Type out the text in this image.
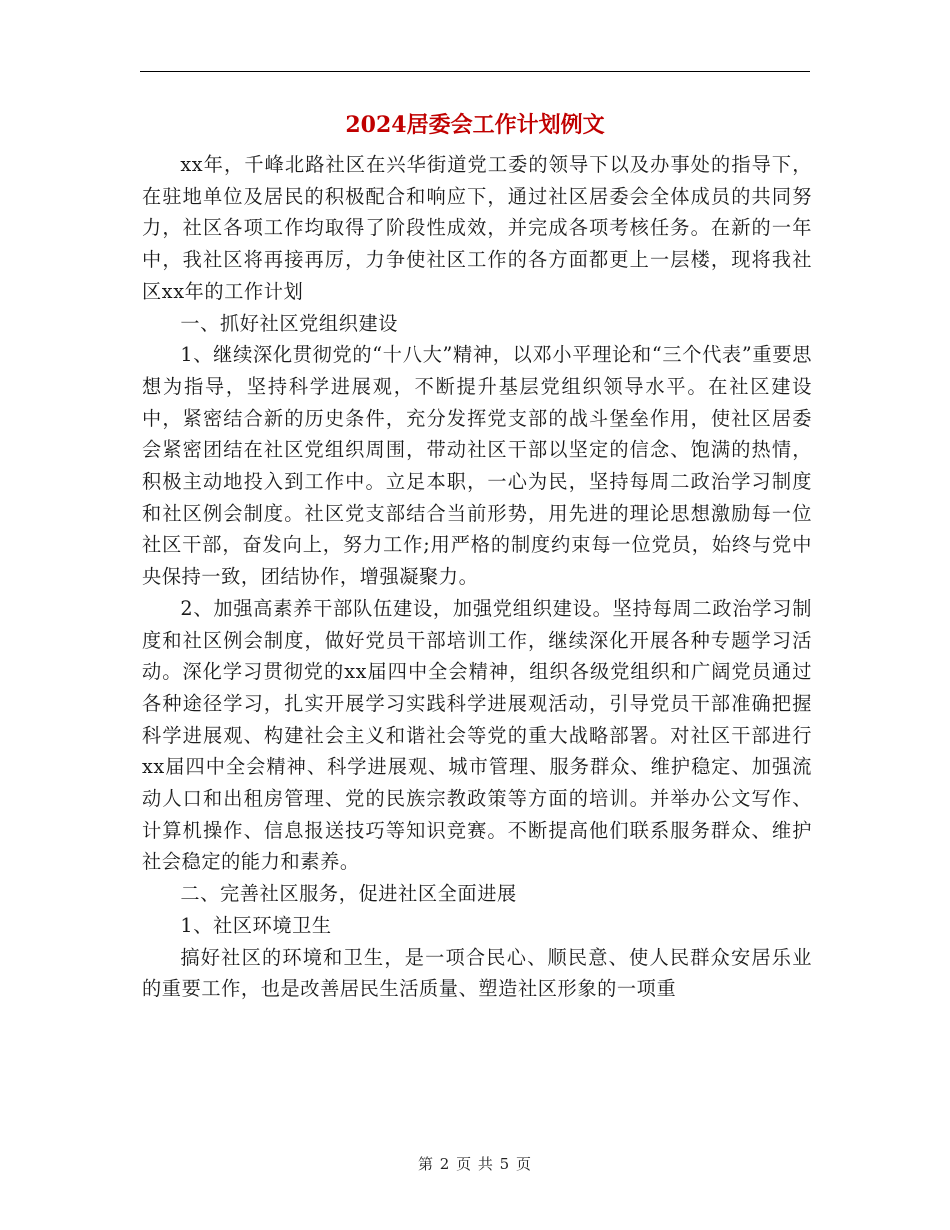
2024居委会工作计划例文

xx年，千峰北路社区在兴华街道党工委的领导下以及办事处的指导下，在驻地单位及居民的积极配合和响应下，通过社区居委会全体成员的共同努力，社区各项工作均取得了阶段性成效，并完成各项考核任务。在新的一年中，我社区将再接再厉，力争使社区工作的各方面都更上一层楼，现将我社区xx年的工作计划

一、抓好社区党组织建设

1、继续深化贯彻党的“十八大”精神，以邓小平理论和“三个代表”重要思想为指导，坚持科学进展观，不断提升基层党组织领导水平。在社区建设中，紧密结合新的历史条件，充分发挥党支部的战斗堡垒作用，使社区居委会紧密团结在社区党组织周围，带动社区干部以坚定的信念、饱满的热情，积极主动地投入到工作中。立足本职，一心为民，坚持每周二政治学习制度和社区例会制度。社区党支部结合当前形势，用先进的理论思想激励每一位社区干部，奋发向上，努力工作;用严格的制度约束每一位党员，始终与党中央保持一致，团结协作，增强凝聚力。

2、加强高素养干部队伍建设，加强党组织建设。坚持每周二政治学习制度和社区例会制度，做好党员干部培训工作，继续深化开展各种专题学习活动。深化学习贯彻党的xx届四中全会精神，组织各级党组织和广阔党员通过各种途径学习，扎实开展学习实践科学进展观活动，引导党员干部准确把握科学进展观、构建社会主义和谐社会等党的重大战略部署。对社区干部进行xx届四中全会精神、科学进展观、城市管理、服务群众、维护稳定、加强流动人口和出租房管理、党的民族宗教政策等方面的培训。并举办公文写作、计算机操作、信息报送技巧等知识竞赛。不断提高他们联系服务群众、维护社会稳定的能力和素养。

二、完善社区服务，促进社区全面进展

1、社区环境卫生

搞好社区的环境和卫生，是一项合民心、顺民意、使人民群众安居乐业的重要工作，也是改善居民生活质量、塑造社区形象的一项重

第 2 页 共 5 页
